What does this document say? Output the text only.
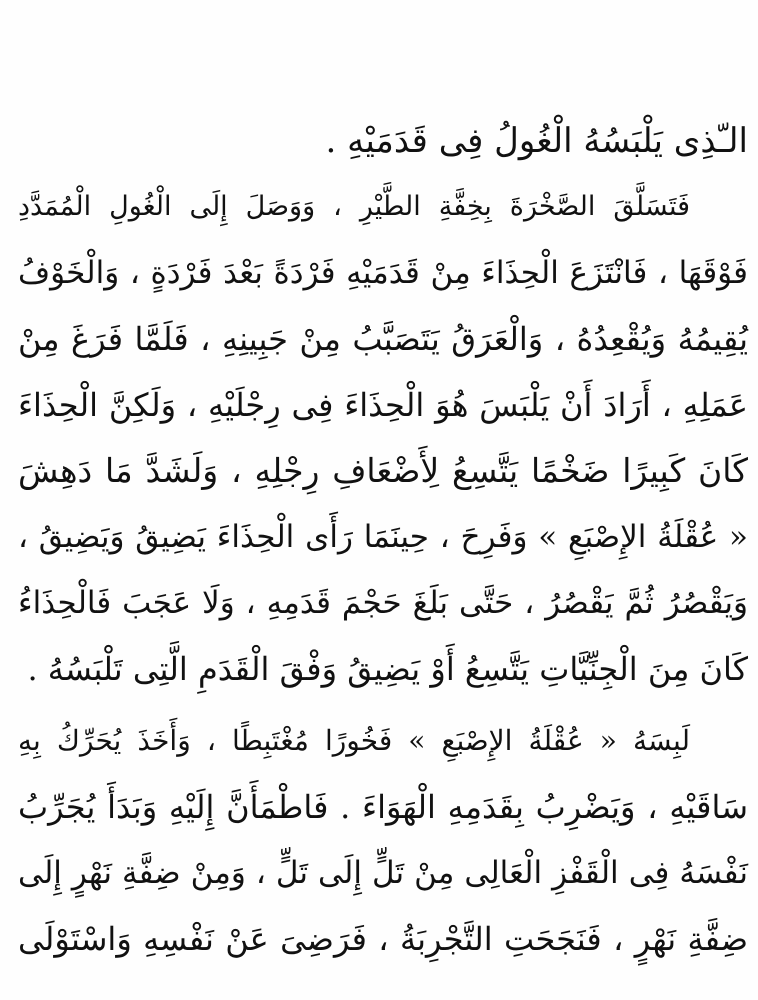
الـّذِى يَلْبَسُهُ الْغُولُ فِى قَدَمَيْهِ .
فَتَسَلَّقَ الصَّخْرَةَ بِخِفَّةِ الطَّيْرِ ، وَوَصَلَ إِلَى الْغُولِ الْمُمَدَّدِ
فَوْقَهَا ، فَانْتَزَعَ الْحِذَاءَ مِنْ قَدَمَيْهِ فَرْدَةً بَعْدَ فَرْدَةٍ ، وَالْخَوْفُ
يُقِيمُهُ وَيُقْعِدُهُ ، وَالْعَرَقُ يَتَصَبَّبُ مِنْ جَبِينِهِ ، فَلَمَّا فَرَغَ مِنْ
عَمَلِهِ ، أَرَادَ أَنْ يَلْبَسَ هُوَ الْحِذَاءَ فِى رِجْلَيْهِ ، وَلَكِنَّ الْحِذَاءَ
كَانَ كَبِيرًا ضَخْمًا يَتَّسِعُ لِأَضْعَافِ رِجْلِهِ ، وَلَشَدَّ مَا دَهِشَ
« عُقْلَةُ الإِصْبَعِ » وَفَرِحَ ، حِينَمَا رَأَى الْحِذَاءَ يَضِيقُ وَيَضِيقُ ،
وَيَقْصُرُ ثُمَّ يَقْصُرُ ، حَتَّى بَلَغَ حَجْمَ قَدَمِهِ ، وَلَا عَجَبَ فَالْحِذَاءُ
كَانَ مِنَ الْجِنِّيَّاتِ يَتَّسِعُ أَوْ يَضِيقُ وَفْقَ الْقَدَمِ الَّتِى تَلْبَسُهُ .
لَبِسَهُ « عُقْلَةُ الإِصْبَعِ » فَخُورًا مُغْتَبِطًا ، وَأَخَذَ يُحَرِّكُ بِهِ
سَاقَيْهِ ، وَيَضْرِبُ بِقَدَمِهِ الْهَوَاءَ . فَاطْمَأَنَّ إِلَيْهِ وَبَدَأَ يُجَرِّبُ
نَفْسَهُ فِى الْقَفْزِ الْعَالِى مِنْ تَلٍّ إِلَى تَلٍّ ، وَمِنْ ضِفَّةِ نَهْرٍ إِلَى
ضِفَّةِ نَهْرٍ ، فَنَجَحَتِ التَّجْرِبَةُ ، فَرَضِىَ عَنْ نَفْسِهِ وَاسْتَوْلَى
